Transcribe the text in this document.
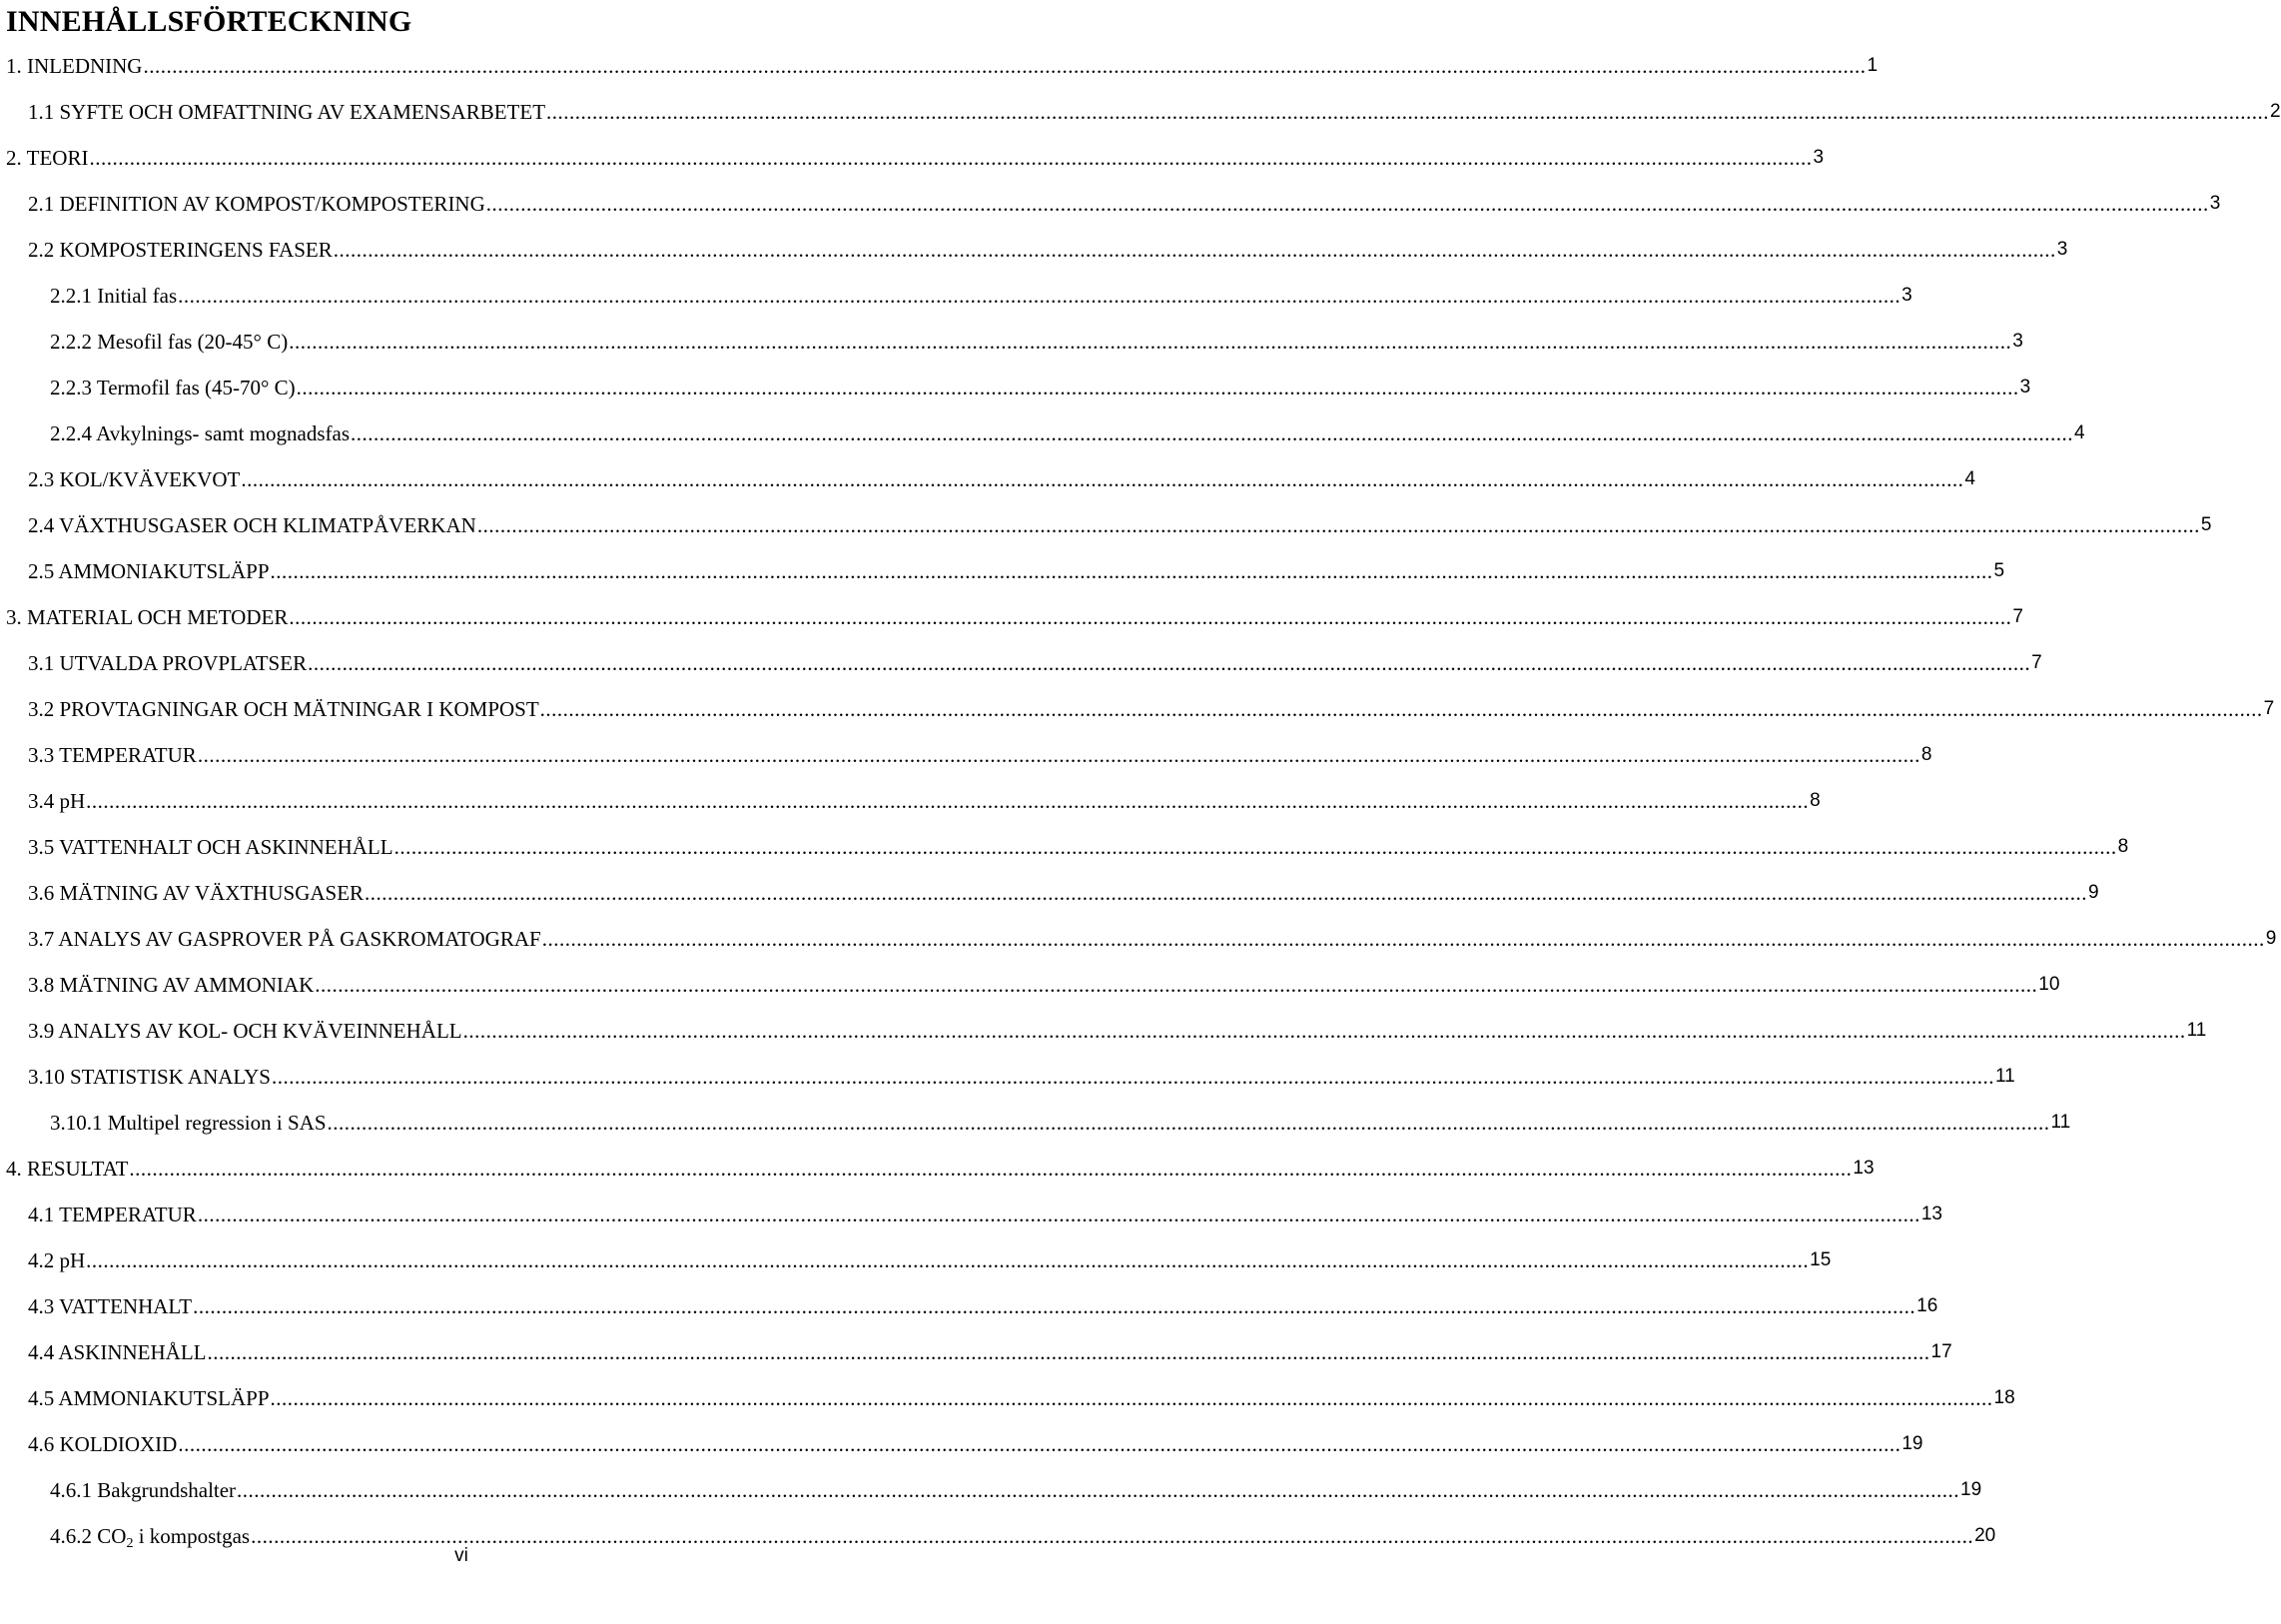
INNEHÅLLSFÖRTECKNING
1. INLEDNING ............................................................................................................................................................................................................................................................................................................ 1
1.1 SYFTE OCH OMFATTNING AV EXAMENSARBETET ............................................................................................................................................................................................................................................................................................................ 2
2. TEORI ............................................................................................................................................................................................................................................................................................................ 3
2.1 DEFINITION AV KOMPOST/KOMPOSTERING ............................................................................................................................................................................................................................................................................................................ 3
2.2 KOMPOSTERINGENS FASER ............................................................................................................................................................................................................................................................................................................ 3
2.2.1 Initial fas ............................................................................................................................................................................................................................................................................................................ 3
2.2.2 Mesofil fas (20-45° C) ............................................................................................................................................................................................................................................................................................................ 3
2.2.3 Termofil fas (45-70° C) ............................................................................................................................................................................................................................................................................................................ 3
2.2.4 Avkylnings- samt mognadsfas ............................................................................................................................................................................................................................................................................................................ 4
2.3 KOL/KVÄVEKVOT ............................................................................................................................................................................................................................................................................................................ 4
2.4 VÄXTHUSGASER OCH KLIMATPÅVERKAN ............................................................................................................................................................................................................................................................................................................ 5
2.5 AMMONIAKUTSLÄPP ............................................................................................................................................................................................................................................................................................................ 5
3. MATERIAL OCH METODER ............................................................................................................................................................................................................................................................................................................ 7
3.1 UTVALDA PROVPLATSER ............................................................................................................................................................................................................................................................................................................ 7
3.2 PROVTAGNINGAR OCH MÄTNINGAR I KOMPOST ............................................................................................................................................................................................................................................................................................................ 7
3.3 TEMPERATUR ............................................................................................................................................................................................................................................................................................................ 8
3.4 pH ............................................................................................................................................................................................................................................................................................................ 8
3.5 VATTENHALT OCH ASKINNEHÅLL ............................................................................................................................................................................................................................................................................................................ 8
3.6 MÄTNING AV VÄXTHUSGASER ............................................................................................................................................................................................................................................................................................................ 9
3.7 ANALYS AV GASPROVER PÅ GASKROMATOGRAF ............................................................................................................................................................................................................................................................................................................ 9
3.8 MÄTNING AV AMMONIAK ............................................................................................................................................................................................................................................................................................................ 10
3.9 ANALYS AV KOL- OCH KVÄVEINNEHÅLL ............................................................................................................................................................................................................................................................................................................ 11
3.10 STATISTISK ANALYS ............................................................................................................................................................................................................................................................................................................ 11
3.10.1 Multipel regression i SAS ............................................................................................................................................................................................................................................................................................................ 11
4. RESULTAT ............................................................................................................................................................................................................................................................................................................ 13
4.1 TEMPERATUR ............................................................................................................................................................................................................................................................................................................ 13
4.2 pH ............................................................................................................................................................................................................................................................................................................ 15
4.3 VATTENHALT ............................................................................................................................................................................................................................................................................................................ 16
4.4 ASKINNEHÅLL ............................................................................................................................................................................................................................................................................................................ 17
4.5 AMMONIAKUTSLÄPP ............................................................................................................................................................................................................................................................................................................ 18
4.6 KOLDIOXID ............................................................................................................................................................................................................................................................................................................ 19
4.6.1 Bakgrundshalter ............................................................................................................................................................................................................................................................................................................ 19
4.6.2 $CO_2$ i kompostgas ............................................................................................................................................................................................................................................................................................................ 20
vi
